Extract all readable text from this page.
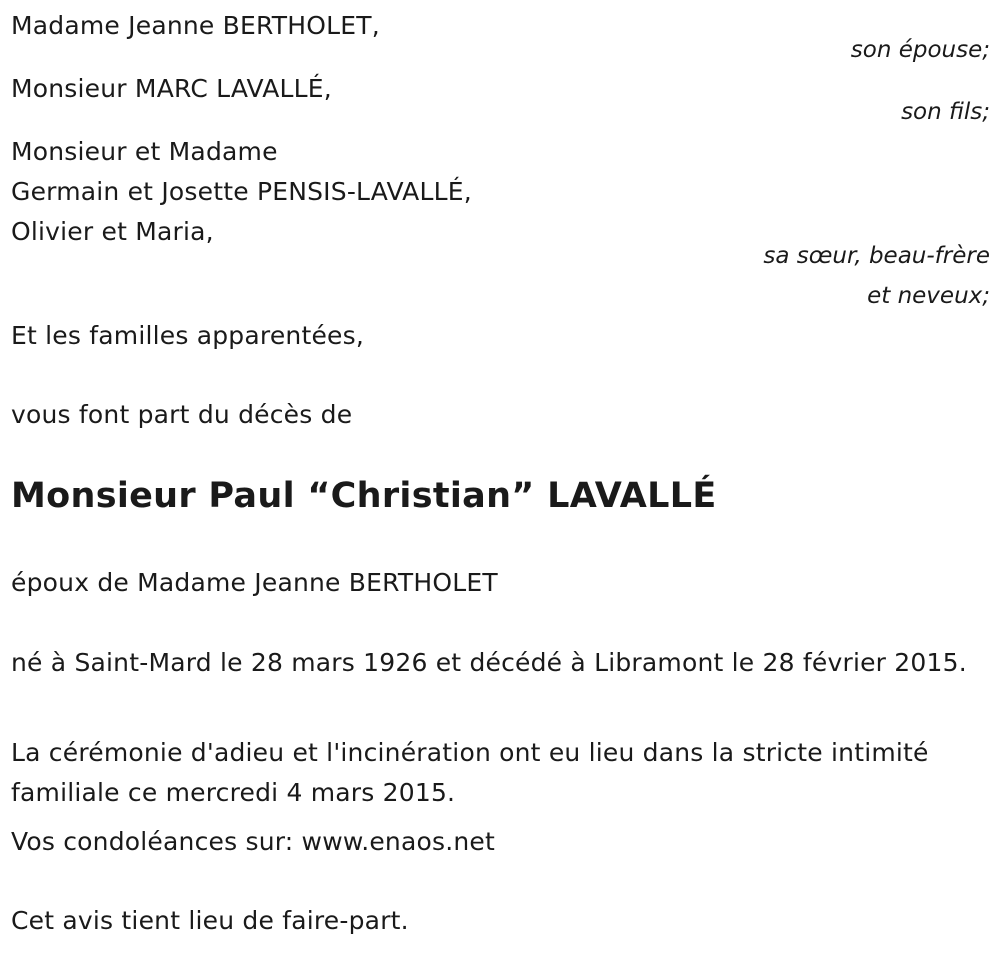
Madame Jeanne BERTHOLET,
son épouse;
Monsieur MARC LAVALLÉ,
son fils;
Monsieur et Madame
Germain et Josette PENSIS-LAVALLÉ,
Olivier et Maria,
sa sœur, beau-frère
et neveux;
Et les familles apparentées,
vous font part du décès de
Monsieur Paul “Christian” LAVALLÉ
époux de Madame Jeanne BERTHOLET
né à Saint-Mard le 28 mars 1926 et décédé à Libramont le 28 février 2015.
La cérémonie d'adieu et l'incinération ont eu lieu dans la stricte intimité familiale ce mercredi 4 mars 2015.
Vos condoléances sur: www.enaos.net
Cet avis tient lieu de faire-part.
